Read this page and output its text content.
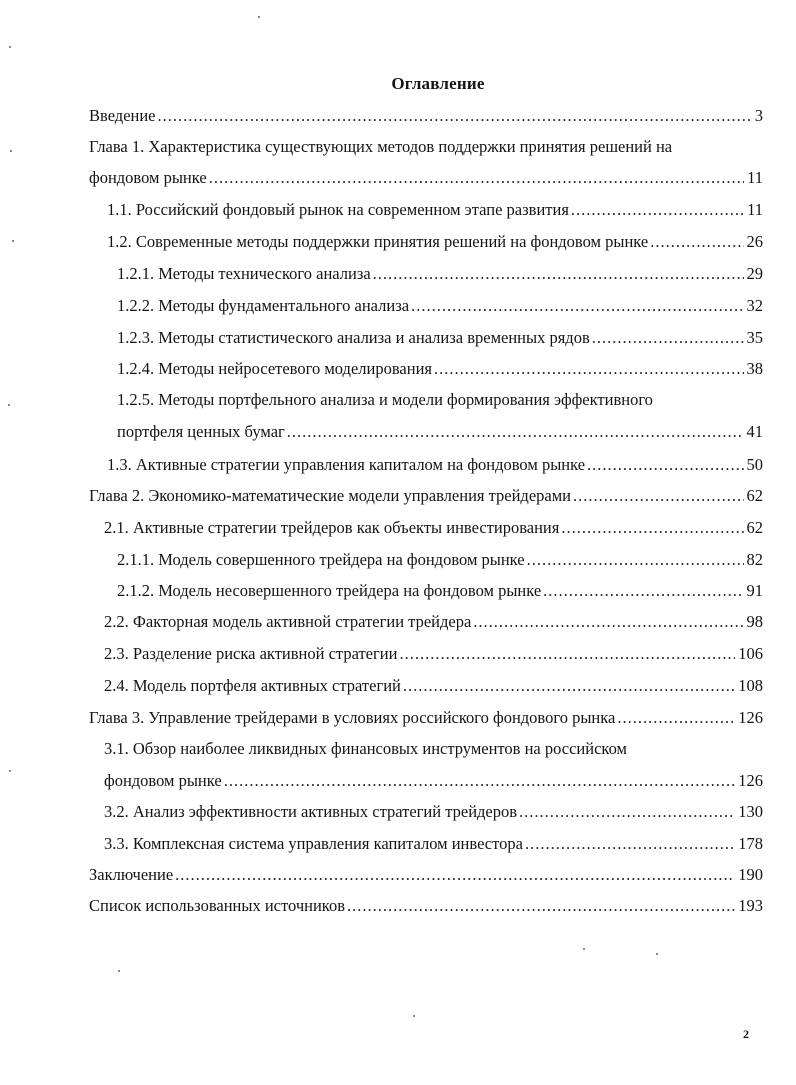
Оглавление
Введение .....	3
Глава 1. Характеристика существующих методов поддержки принятия решений на
фондовом рынке .....	11
1.1. Российский фондовый рынок на современном этапе развития .....	11
1.2. Современные методы поддержки принятия решений на фондовом рынке .....	26
1.2.1. Методы технического анализа .....	29
1.2.2. Методы фундаментального анализа .....	32
1.2.3. Методы статистического анализа и анализа временных рядов .....	35
1.2.4. Методы нейросетевого моделирования .....	38
1.2.5. Методы портфельного анализа и модели формирования эффективного
портфеля ценных бумаг .....	41
1.3. Активные стратегии управления капиталом на фондовом рынке .....	50
Глава 2. Экономико-математические модели управления трейдерами .....	62
2.1. Активные стратегии трейдеров как объекты инвестирования .....	62
2.1.1. Модель совершенного трейдера на фондовом рынке .....	82
2.1.2. Модель несовершенного трейдера на фондовом рынке .....	91
2.2. Факторная модель активной стратегии трейдера .....	98
2.3. Разделение риска активной стратегии .....	106
2.4. Модель портфеля активных стратегий .....	108
Глава 3. Управление трейдерами в условиях российского фондового рынка .....	126
3.1. Обзор наиболее ликвидных финансовых инструментов на российском
фондовом рынке .....	126
3.2. Анализ эффективности активных стратегий трейдеров .....	130
3.3. Комплексная система управления капиталом инвестора .....	178
Заключение .....	190
Список использованных источников .....	193
2
